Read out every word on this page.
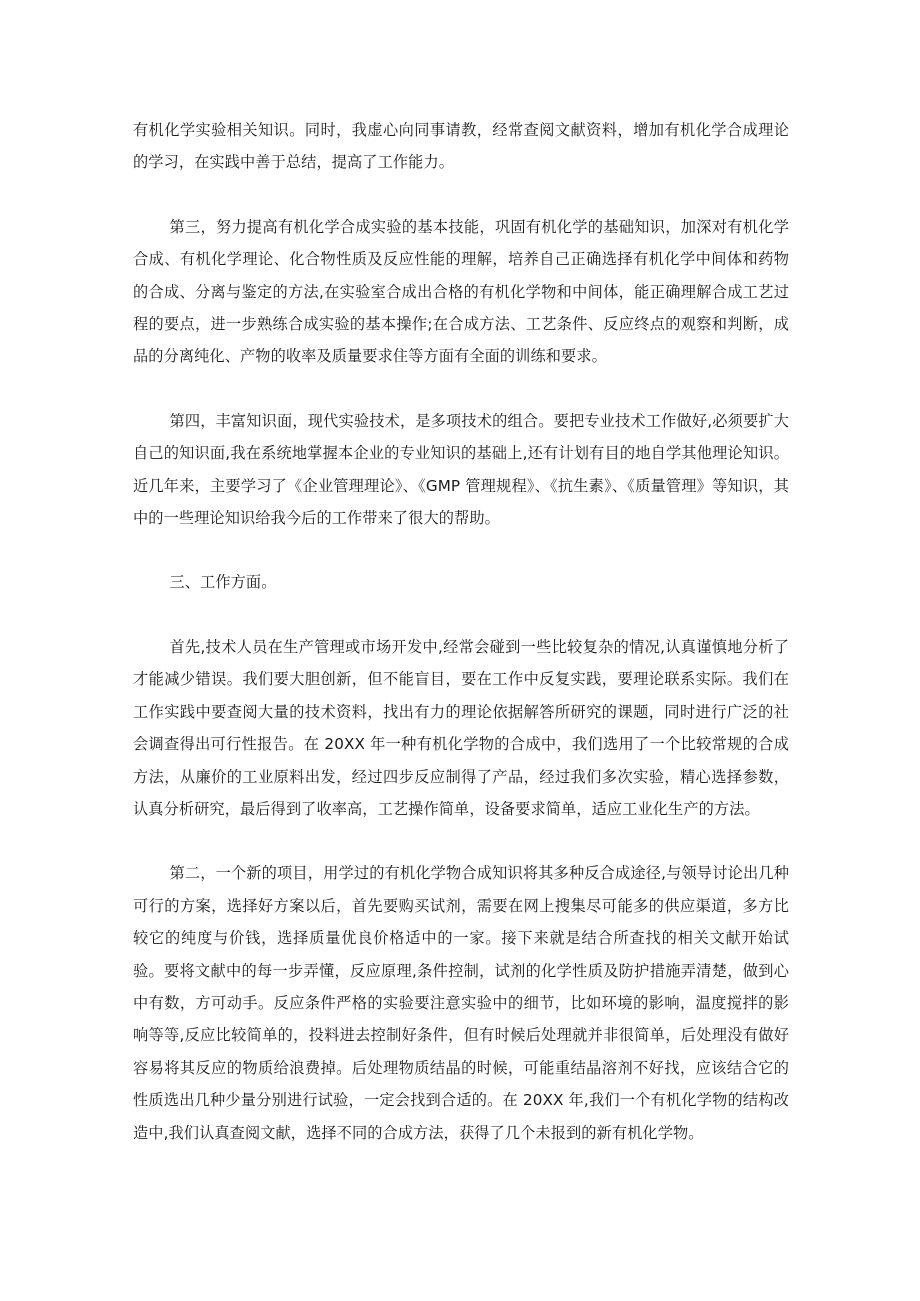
有机化学实验相关知识。同时，我虚心向同事请教，经常查阅文献资料，增加有机化学合成理论的学习，在实践中善于总结，提高了工作能力。

第三，努力提高有机化学合成实验的基本技能，巩固有机化学的基础知识，加深对有机化学合成、有机化学理论、化合物性质及反应性能的理解，培养自己正确选择有机化学中间体和药物的合成、分离与鉴定的方法,在实验室合成出合格的有机化学物和中间体，能正确理解合成工艺过程的要点，进一步熟练合成实验的基本操作;在合成方法、工艺条件、反应终点的观察和判断，成品的分离纯化、产物的收率及质量要求住等方面有全面的训练和要求。

第四，丰富知识面，现代实验技术，是多项技术的组合。要把专业技术工作做好,必须要扩大自己的知识面,我在系统地掌握本企业的专业知识的基础上,还有计划有目的地自学其他理论知识。近几年来，主要学习了《企业管理理论》、《GMP 管理规程》、《抗生素》、《质量管理》等知识，其中的一些理论知识给我今后的工作带来了很大的帮助。

三、工作方面。

首先,技术人员在生产管理或市场开发中,经常会碰到一些比较复杂的情况,认真谨慎地分析了才能减少错误。我们要大胆创新，但不能盲目，要在工作中反复实践，要理论联系实际。我们在工作实践中要查阅大量的技术资料，找出有力的理论依据解答所研究的课题，同时进行广泛的社会调查得出可行性报告。在 20XX 年一种有机化学物的合成中，我们选用了一个比较常规的合成方法，从廉价的工业原料出发，经过四步反应制得了产品，经过我们多次实验，精心选择参数，认真分析研究，最后得到了收率高，工艺操作简单，设备要求简单，适应工业化生产的方法。

第二，一个新的项目，用学过的有机化学物合成知识将其多种反合成途径,与领导讨论出几种可行的方案，选择好方案以后，首先要购买试剂，需要在网上搜集尽可能多的供应渠道，多方比较它的纯度与价钱，选择质量优良价格适中的一家。接下来就是结合所查找的相关文献开始试验。要将文献中的每一步弄懂，反应原理,条件控制，试剂的化学性质及防护措施弄清楚，做到心中有数，方可动手。反应条件严格的实验要注意实验中的细节，比如环境的影响，温度搅拌的影响等等,反应比较简单的，投料进去控制好条件，但有时候后处理就并非很简单，后处理没有做好容易将其反应的物质给浪费掉。后处理物质结晶的时候，可能重结晶溶剂不好找，应该结合它的性质选出几种少量分别进行试验，一定会找到合适的。在 20XX 年,我们一个有机化学物的结构改造中,我们认真查阅文献，选择不同的合成方法，获得了几个未报到的新有机化学物。
